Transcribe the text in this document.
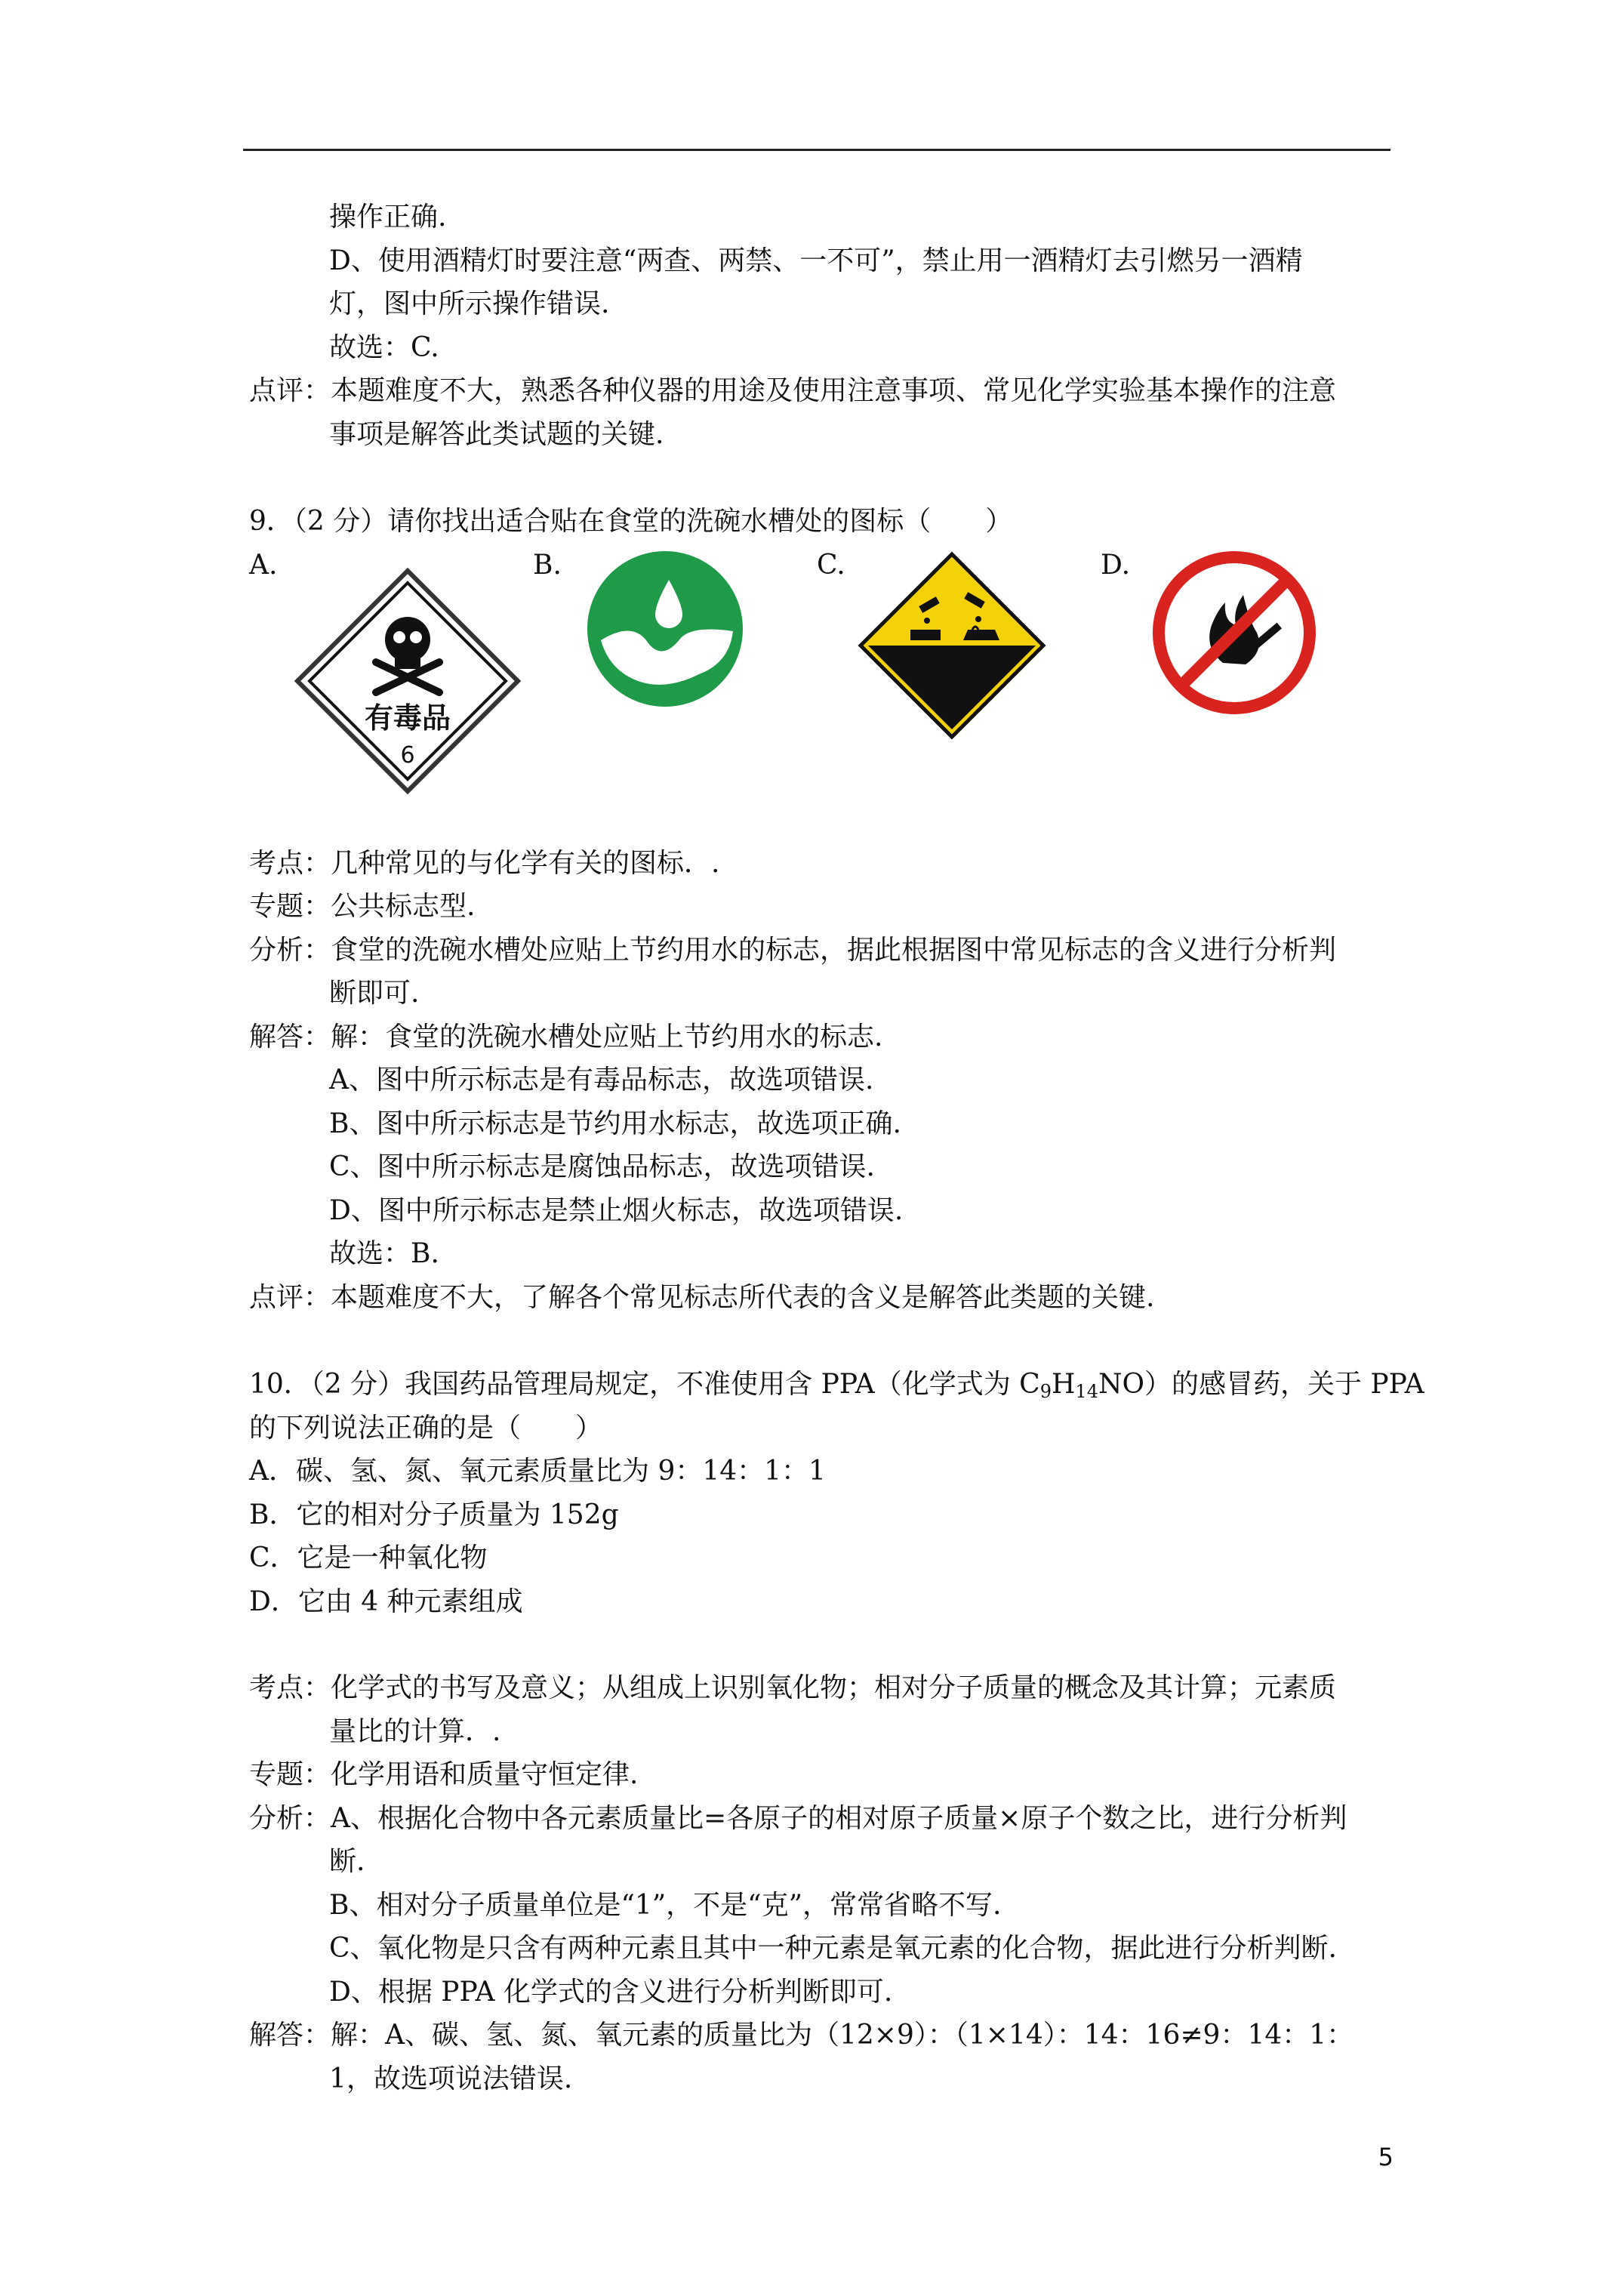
操作正确.
D、使用酒精灯时要注意“两查、两禁、一不可”，禁止用一酒精灯去引燃另一酒精
灯，图中所示操作错误.
故选：C.
点评：本题难度不大，熟悉各种仪器的用途及使用注意事项、常见化学实验基本操作的注意
事项是解答此类试题的关键.
9．（2 分）请你找出适合贴在食堂的洗碗水槽处的图标（　　）
A.	B.	C.	D.
有毒品
6
考点：几种常见的与化学有关的图标．.
专题：公共标志型.
分析：食堂的洗碗水槽处应贴上节约用水的标志，据此根据图中常见标志的含义进行分析判
断即可.
解答：解：食堂的洗碗水槽处应贴上节约用水的标志.
A、图中所示标志是有毒品标志，故选项错误.
B、图中所示标志是节约用水标志，故选项正确.
C、图中所示标志是腐蚀品标志，故选项错误.
D、图中所示标志是禁止烟火标志，故选项错误.
故选：B.
点评：本题难度不大，了解各个常见标志所代表的含义是解答此类题的关键.
10．（2 分）我国药品管理局规定，不准使用含 PPA（化学式为 $C_9H_{14}NO$）的感冒药，关于 PPA
的下列说法正确的是（　　）
A．碳、氢、氮、氧元素质量比为 9：14：1：1
B．它的相对分子质量为 152g
C．它是一种氧化物
D．它由 4 种元素组成
考点：化学式的书写及意义；从组成上识别氧化物；相对分子质量的概念及其计算；元素质
量比的计算．.
专题：化学用语和质量守恒定律.
分析：A、根据化合物中各元素质量比=各原子的相对原子质量×原子个数之比，进行分析判
断.
B、相对分子质量单位是“1”，不是“克”，常常省略不写.
C、氧化物是只含有两种元素且其中一种元素是氧元素的化合物，据此进行分析判断.
D、根据 PPA 化学式的含义进行分析判断即可.
解答：解：A、碳、氢、氮、氧元素的质量比为（12×9）：（1×14）：14：16≠9：14：1：
1，故选项说法错误.
5
